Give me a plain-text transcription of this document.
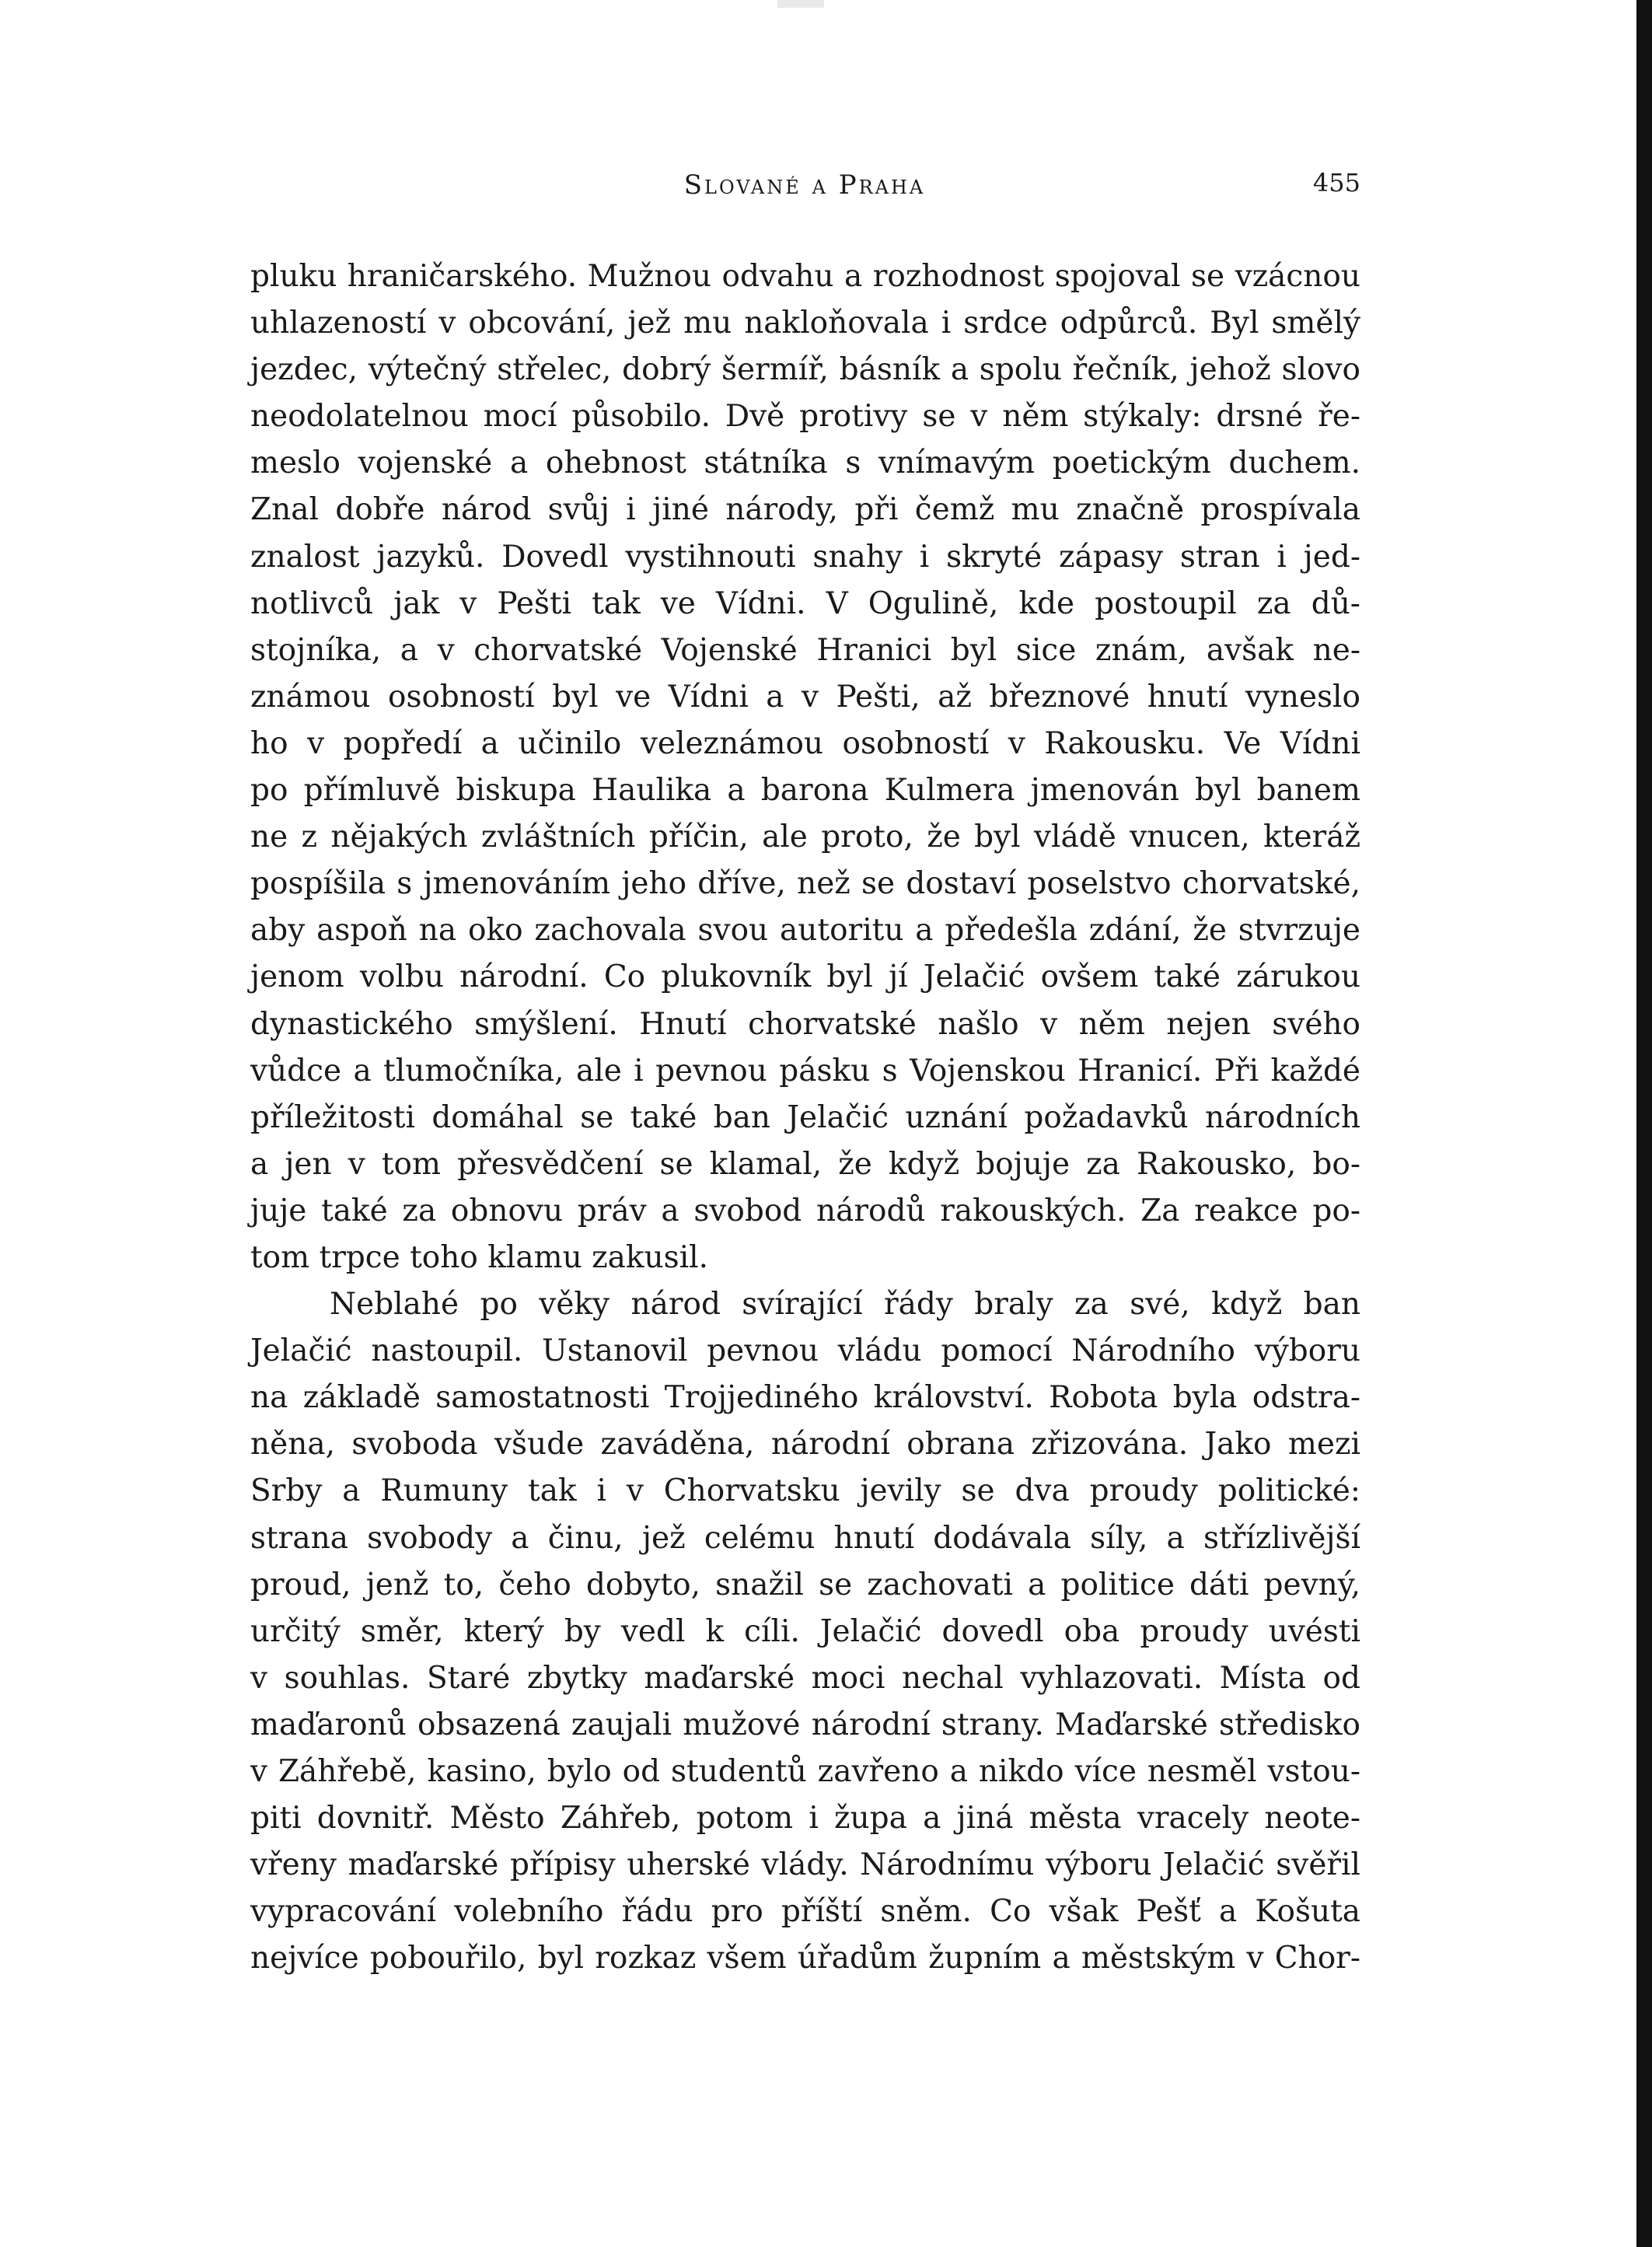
Slované a Praha	455

pluku hraničarského. Mužnou odvahu a rozhodnost spojoval se vzácnou

uhlazeností v obcování, jež mu nakloňovala i srdce odpůrců. Byl smělý

jezdec, výtečný střelec, dobrý šermíř, básník a spolu řečník, jehož slovo

neodolatelnou mocí působilo. Dvě protivy se v něm stýkaly: drsné ře-

meslo vojenské a ohebnost státníka s vnímavým poetickým duchem.

Znal dobře národ svůj i jiné národy, při čemž mu značně prospívala

znalost jazyků. Dovedl vystihnouti snahy i skryté zápasy stran i jed-

notlivců jak v Pešti tak ve Vídni. V Ogulině, kde postoupil za dů-

stojníka, a v chorvatské Vojenské Hranici byl sice znám, avšak ne-

známou osobností byl ve Vídni a v Pešti, až březnové hnutí vyneslo

ho v popředí a učinilo veleznámou osobností v Rakousku. Ve Vídni

po přímluvě biskupa Haulika a barona Kulmera jmenován byl banem

ne z nějakých zvláštních příčin, ale proto, že byl vládě vnucen, kteráž

pospíšila s jmenováním jeho dříve, než se dostaví poselstvo chorvatské,

aby aspoň na oko zachovala svou autoritu a předešla zdání, že stvrzuje

jenom volbu národní. Co plukovník byl jí Jelačić ovšem také zárukou

dynastického smýšlení. Hnutí chorvatské našlo v něm nejen svého

vůdce a tlumočníka, ale i pevnou pásku s Vojenskou Hranicí. Při každé

příležitosti domáhal se také ban Jelačić uznání požadavků národních

a jen v tom přesvědčení se klamal, že když bojuje za Rakousko, bo-

juje také za obnovu práv a svobod národů rakouských. Za reakce po-

tom trpce toho klamu zakusil.

Neblahé po věky národ svírající řády braly za své, když ban

Jelačić nastoupil. Ustanovil pevnou vládu pomocí Národního výboru

na základě samostatnosti Trojjediného království. Robota byla odstra-

něna, svoboda všude zaváděna, národní obrana zřizována. Jako mezi

Srby a Rumuny tak i v Chorvatsku jevily se dva proudy politické:

strana svobody a činu, jež celému hnutí dodávala síly, a střízlivější

proud, jenž to, čeho dobyto, snažil se zachovati a politice dáti pevný,

určitý směr, který by vedl k cíli. Jelačić dovedl oba proudy uvésti

v souhlas. Staré zbytky maďarské moci nechal vyhlazovati. Místa od

maďaronů obsazená zaujali mužové národní strany. Maďarské středisko

v Záhřebě, kasino, bylo od studentů zavřeno a nikdo více nesměl vstou-

piti dovnitř. Město Záhřeb, potom i župa a jiná města vracely neote-

vřeny maďarské přípisy uherské vlády. Národnímu výboru Jelačić svěřil

vypracování volebního řádu pro příští sněm. Co však Pešť a Košuta

nejvíce pobouřilo, byl rozkaz všem úřadům župním a městským v Chor-
